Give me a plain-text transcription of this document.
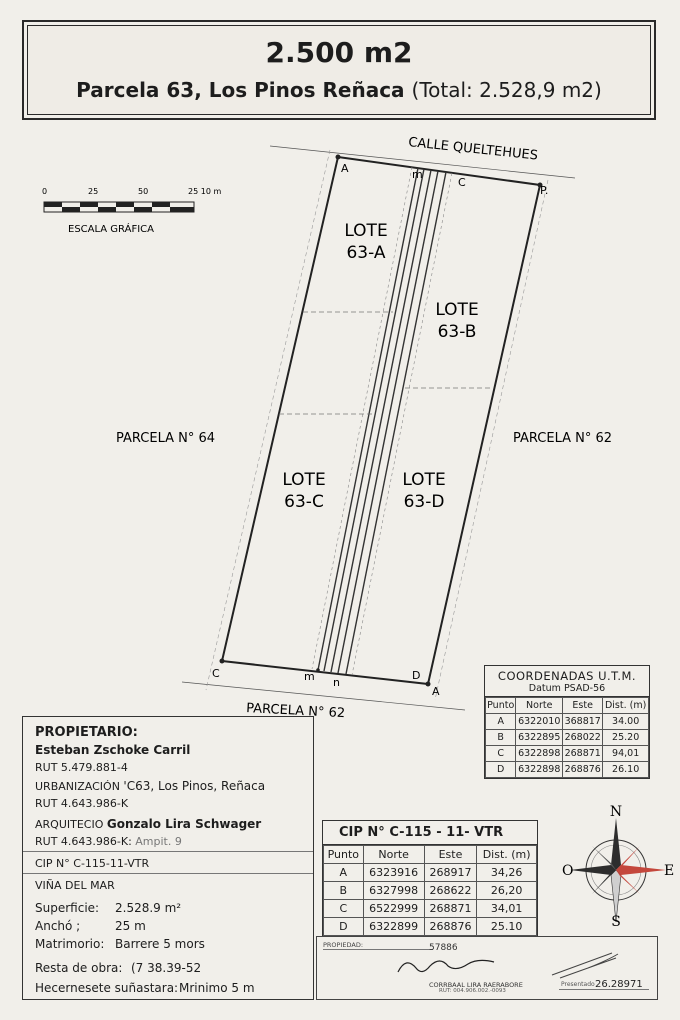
2.500 m2
Parcela 63, Los Pinos Reñaca (Total: 2.528,9 m2)
0	25	50	25 10 m
ESCALA GRÁFICA
CALLE QUELTEHUES
A	m
C
P.
C	m n
D
A
LOTE
63-A
LOTE
63-B
LOTE
63-C
LOTE
63-D
PARCELA N° 64	PARCELA N° 62
PARCELA N° 62
COORDENADAS U.T.M.
Datum PSAD-56
Punto	Norte	Este	Dist. (m)
A	6322010	368817	34.00
B	6322895	268022	25.20
C	6322898	268871	94,01
D	6322898	268876	26.10
PROPIETARIO:
Esteban Zschoke Carril
RUT 5.479.881-4
URBANIZACIÓN 'C63, Los Pinos, Reñaca
RUT 4.643.986-K
ARQUITECIO Gonzalo Lira Schwager
RUT 4.643.986-K: Ampit. 9
CIP N° C-115-11-VTR
VIÑA DEL MAR
Superficie: 2.528.9 m²
Anchó ;	25 m
Matrimorio: Barrere 5 mors
Resta de obra: (7 38.39-52
Hecernesete suñastara: Mrinimo 5 m
CIP N° C-115 - 11- VTR
Punto	Norte	Este	Dist. (m)
A	6323916	268917	34,26
B	6327998	268622	26,20
C	6522999	268871	34,01
D	6322899	268876	25.10
PROPIEDAD:	57886
CORRBAAL LIRA RAERABORE
RUT: 004.906.002.-0093
Presentado 26.28971
N
S
E
O
